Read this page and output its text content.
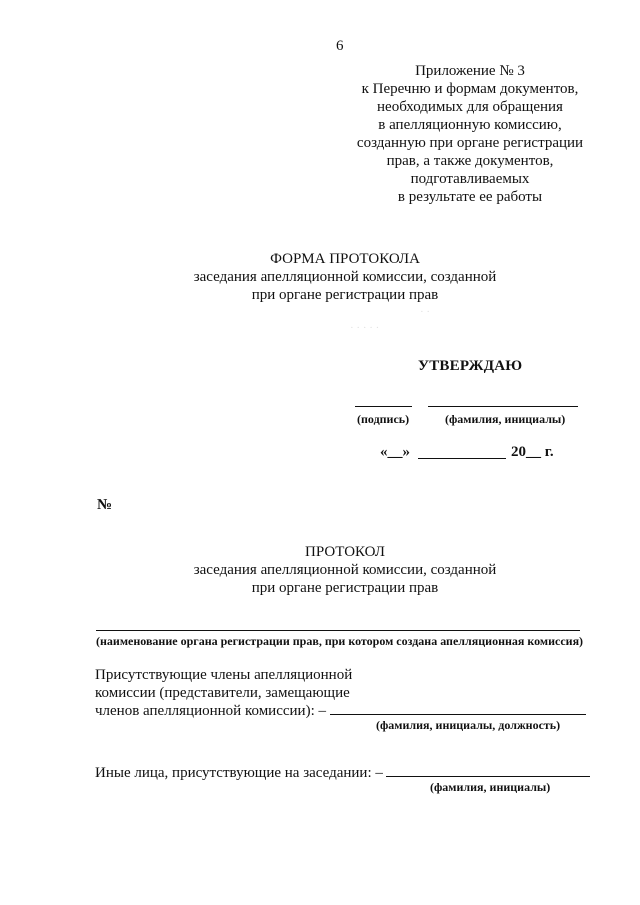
· ·
· · · · ·
6
Приложение № 3
к Перечню и формам документов,
необходимых для обращения
в апелляционную комиссию,
созданную при органе регистрации
прав, а также документов,
подготавливаемых
в результате ее работы
ФОРМА ПРОТОКОЛА
заседания апелляционной комиссии, созданной
при органе регистрации прав
УТВЕРЖДАЮ
(подпись)	(фамилия, инициалы)
«__»	20__ г.
№
ПРОТОКОЛ
заседания апелляционной комиссии, созданной
при органе регистрации прав
(наименование органа регистрации прав, при котором создана апелляционная комиссия)
Присутствующие члены апелляционной
комиссии (представители, замещающие
членов апелляционной комиссии): –
(фамилия, инициалы, должность)
Иные лица, присутствующие на заседании: –
(фамилия, инициалы)
